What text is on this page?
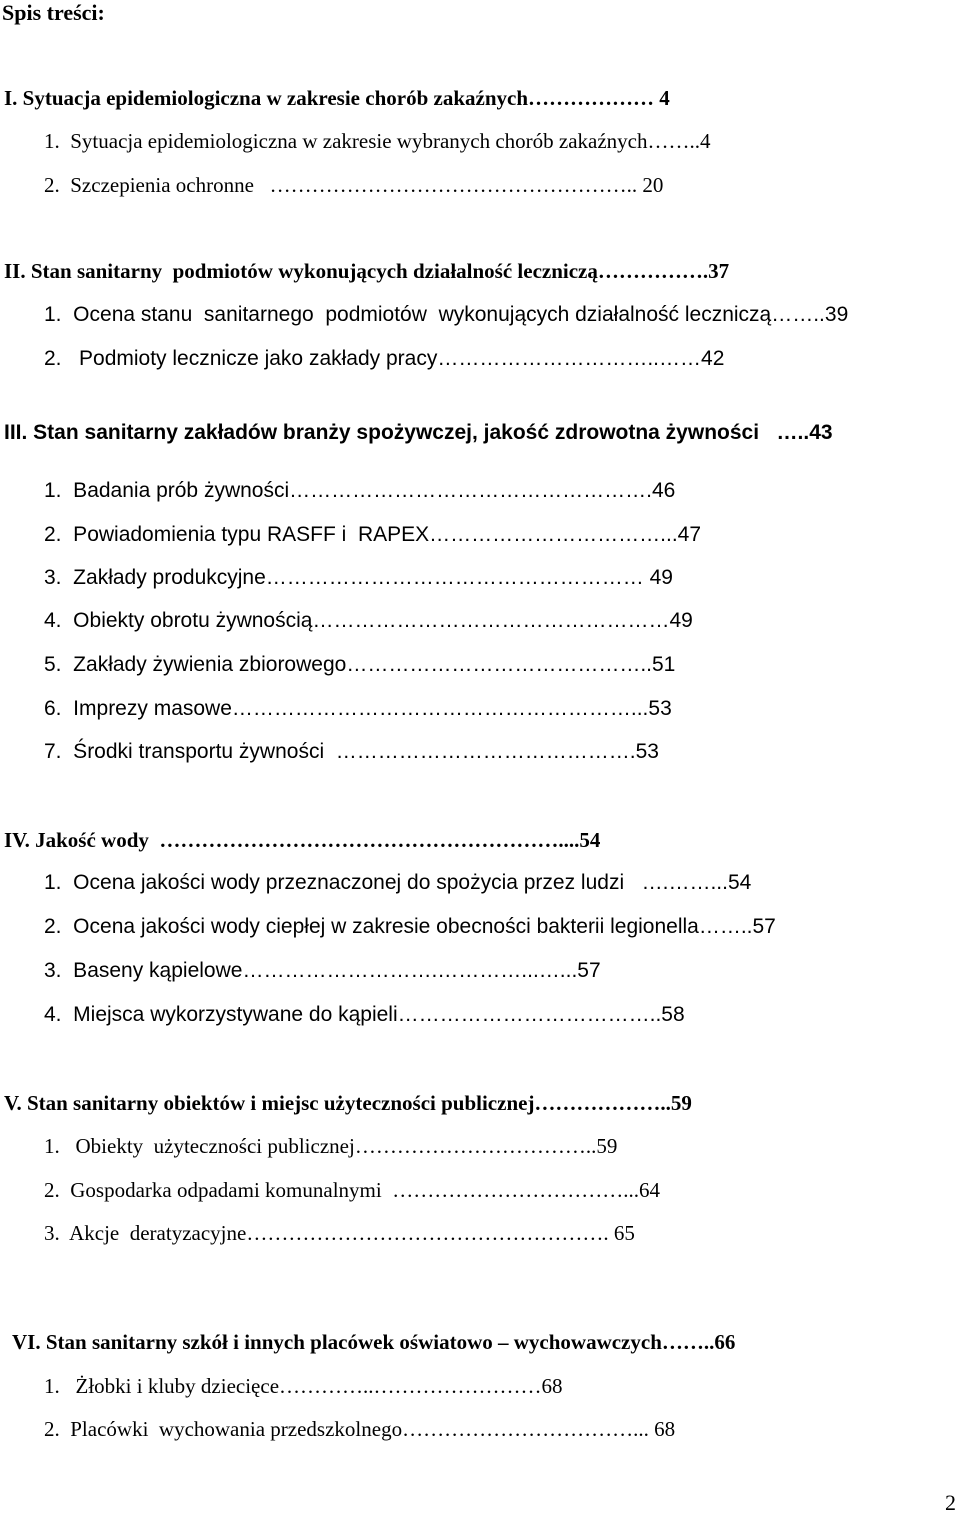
Spis treści:
I. Sytuacja epidemiologiczna w zakresie chorób zakaźnych……………… 4
1.  Sytuacja epidemiologiczna w zakresie wybranych chorób zakaźnych……..4
2.  Szczepienia ochronne   …………………………………………….. 20
II. Stan sanitarny  podmiotów wykonujących działalność leczniczą…………….37
1.  Ocena stanu  sanitarnego  podmiotów  wykonujących działalność leczniczą……..39
2.   Podmioty lecznicze jako zakłady pracy…………………………..……42
III. Stan sanitarny zakładów branży spożywczej, jakość zdrowotna żywności   …..43
1.  Badania prób żywności…………………………………………….46
2.  Powiadomienia typu RASFF i  RAPEX……………………………...47
3.  Zakłady produkcyjne……………………………………………… 49
4.  Obiekty obrotu żywnością……………………………………………49
5.  Zakłady żywienia zbiorowego……………………………………..51
6.  Imprezy masowe…………………………………………………...53
7.  Środki transportu żywności  …………………………………….53
IV. Jakość wody  …………………………………………………....54
1.  Ocena jakości wody przeznaczonej do spożycia przez ludzi   ….……...54
2.  Ocena jakości wody ciepłej w zakresie obecności bakterii legionella……..57
3.  Baseny kąpielowe……………………….…………...…...57
4.  Miejsca wykorzystywane do kąpieli………………………………..58
V. Stan sanitarny obiektów i miejsc użyteczności publicznej………………..59
1.   Obiekty  użyteczności publicznej……………………………..59
2.  Gospodarka odpadami komunalnymi  ……………………………...64
3.  Akcje  deratyzacyjne……………………………………………. 65
VI. Stan sanitarny szkół i innych placówek oświatowo – wychowawczych……..66
1.   Żłobki i kluby dziecięce…………..……………………68
2.  Placówki  wychowania przedszkolnego……………………………... 68
2
